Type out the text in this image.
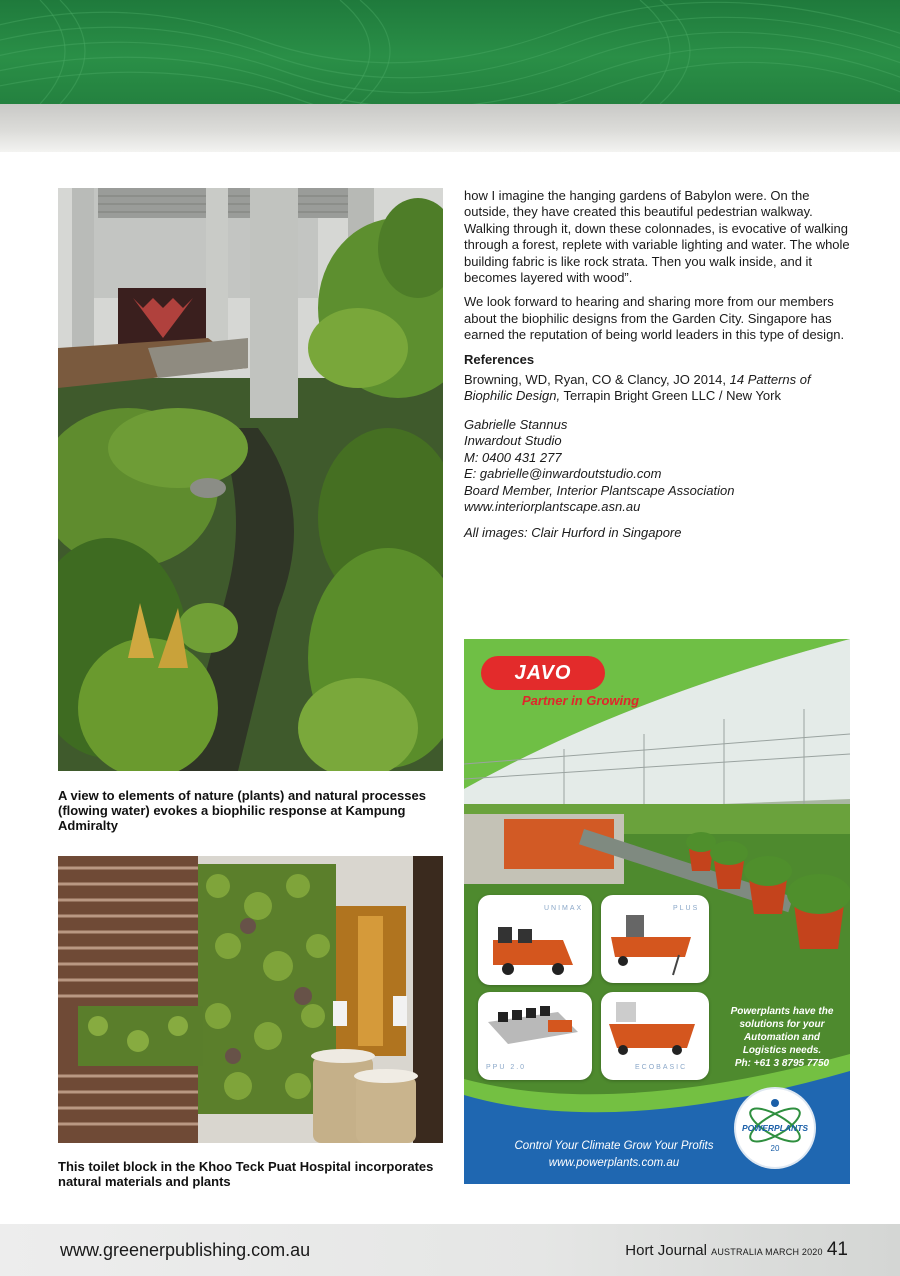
A view to elements of nature (plants) and natural processes (flowing water) evokes a biophilic response at Kampung Admiralty
This toilet block in the Khoo Teck Puat Hospital incorporates natural materials and plants

how I imagine the hanging gardens of Babylon were. On the outside, they have created this beautiful pedestrian walkway. Walking through it, down these colonnades, is evocative of walking through a forest, replete with variable lighting and water. The whole building fabric is like rock strata. Then you walk inside, and it becomes layered with wood”.

We look forward to hearing and sharing more from our members about the biophilic designs from the Garden City. Singapore has earned the reputation of being world leaders in this type of design.

References

Browning, WD, Ryan, CO & Clancy, JO 2014, 14 Patterns of Biophilic Design, Terrapin Bright Green LLC / New York

Gabrielle Stannus

Inwardout Studio

M: 0400 431 277

E: gabrielle@inwardoutstudio.com

Board Member, Interior Plantscape Association

www.interiorplantscape.asn.au

All images: Clair Hurford in Singapore

JAVO
Partner in Growing
UNIMAX	PLUS
PPU 2.0	ECOBASIC
Powerplants have the
solutions for your
Automation and
Logistics needs.
Ph: +61 3 8795 7750
20
POWERPLANTS
Control Your Climate Grow Your Profits
www.powerplants.com.au
www.greenerpublishing.com.au	Hort Journal AUSTRALIA MARCH 2020 41
